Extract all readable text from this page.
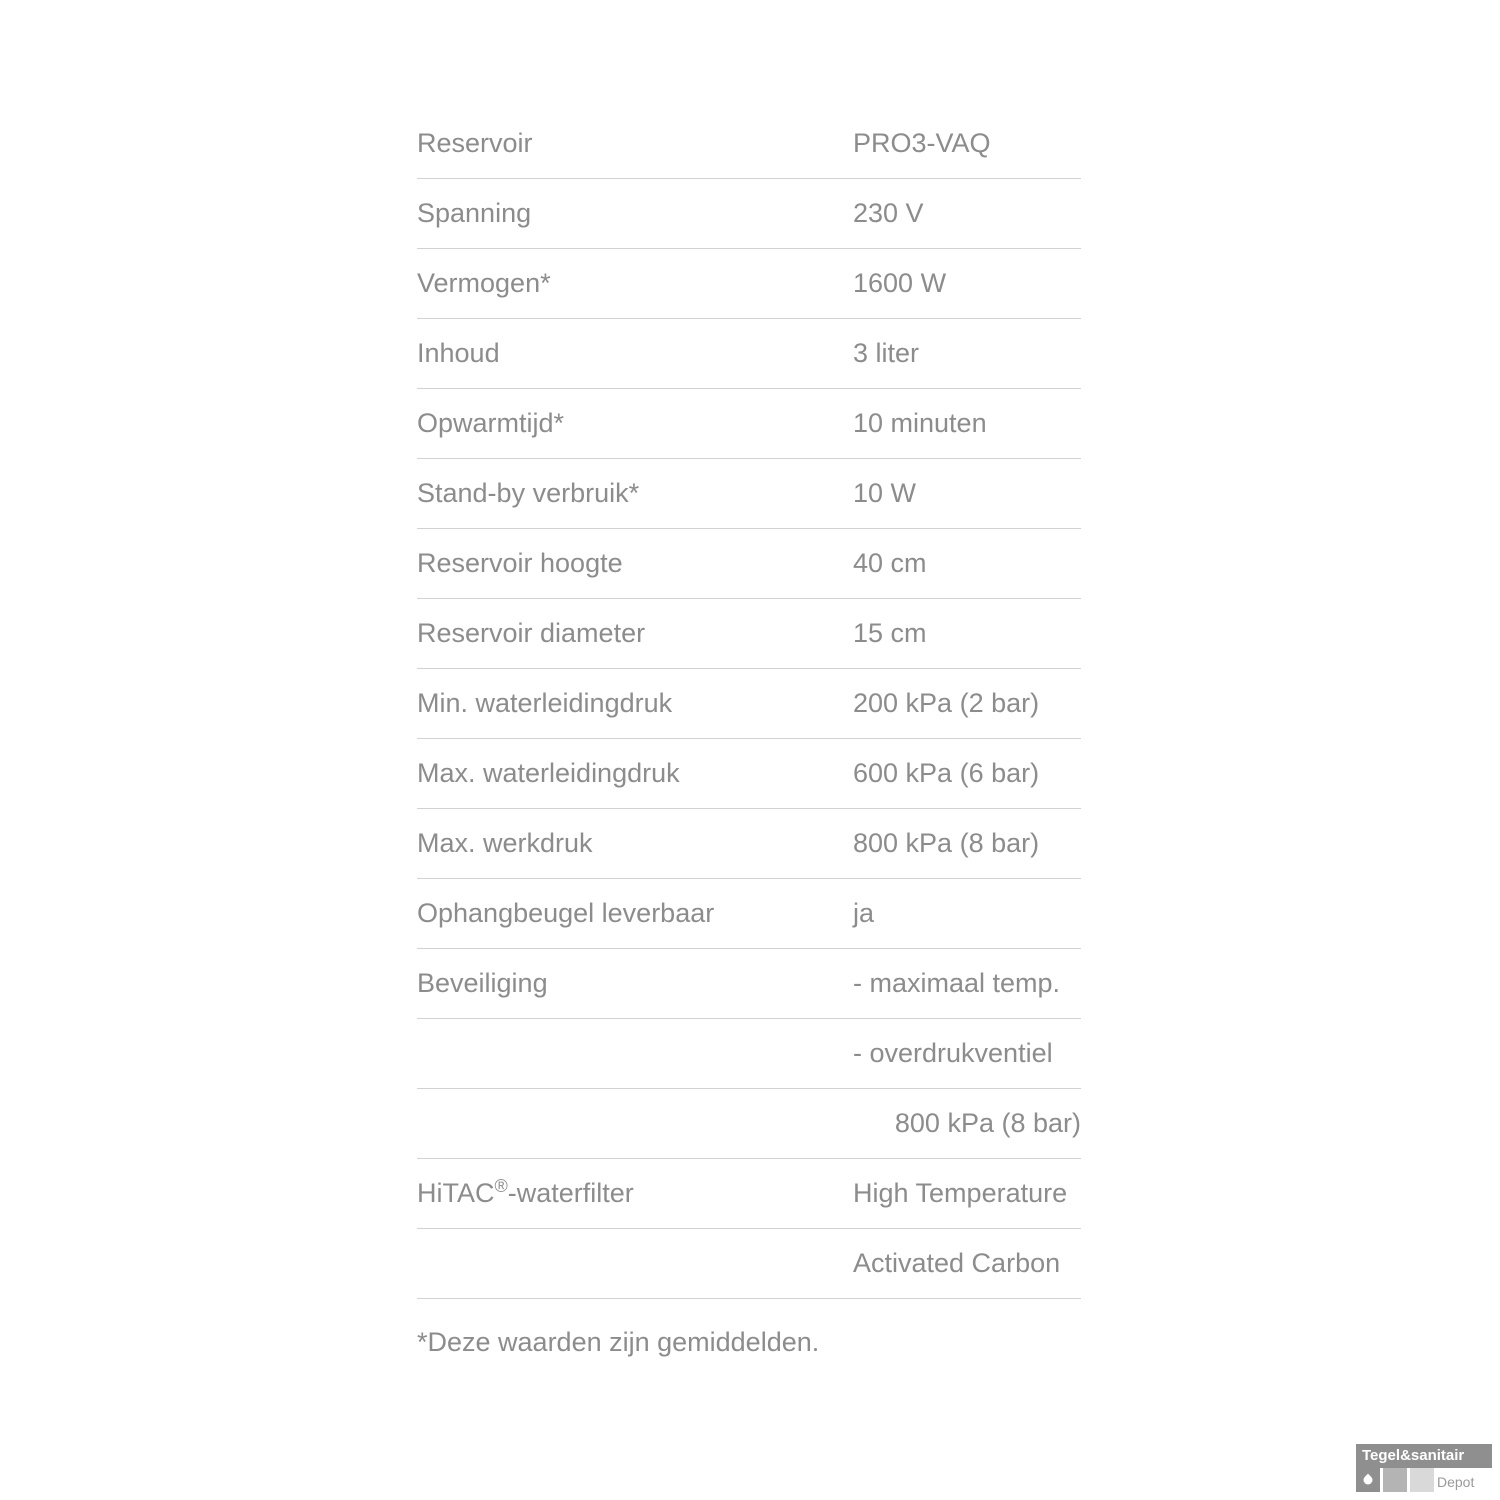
Reservoir	PRO3-VAQ
Spanning	230 V
Vermogen*	1600 W
Inhoud	3 liter
Opwarmtijd*	10 minuten
Stand-by verbruik*	10 W
Reservoir hoogte	40 cm
Reservoir diameter	15 cm
Min. waterleidingdruk	200 kPa (2 bar)
Max. waterleidingdruk	600 kPa (6 bar)
Max. werkdruk	800 kPa (8 bar)
Ophangbeugel leverbaar	ja
Beveiliging	- maximaal temp.
	- overdrukventiel
	800 kPa (8 bar)
HiTAC®-waterfilter	High Temperature
	Activated Carbon
*Deze waarden zijn gemiddelden.
Tegel&sanitair
Depot
